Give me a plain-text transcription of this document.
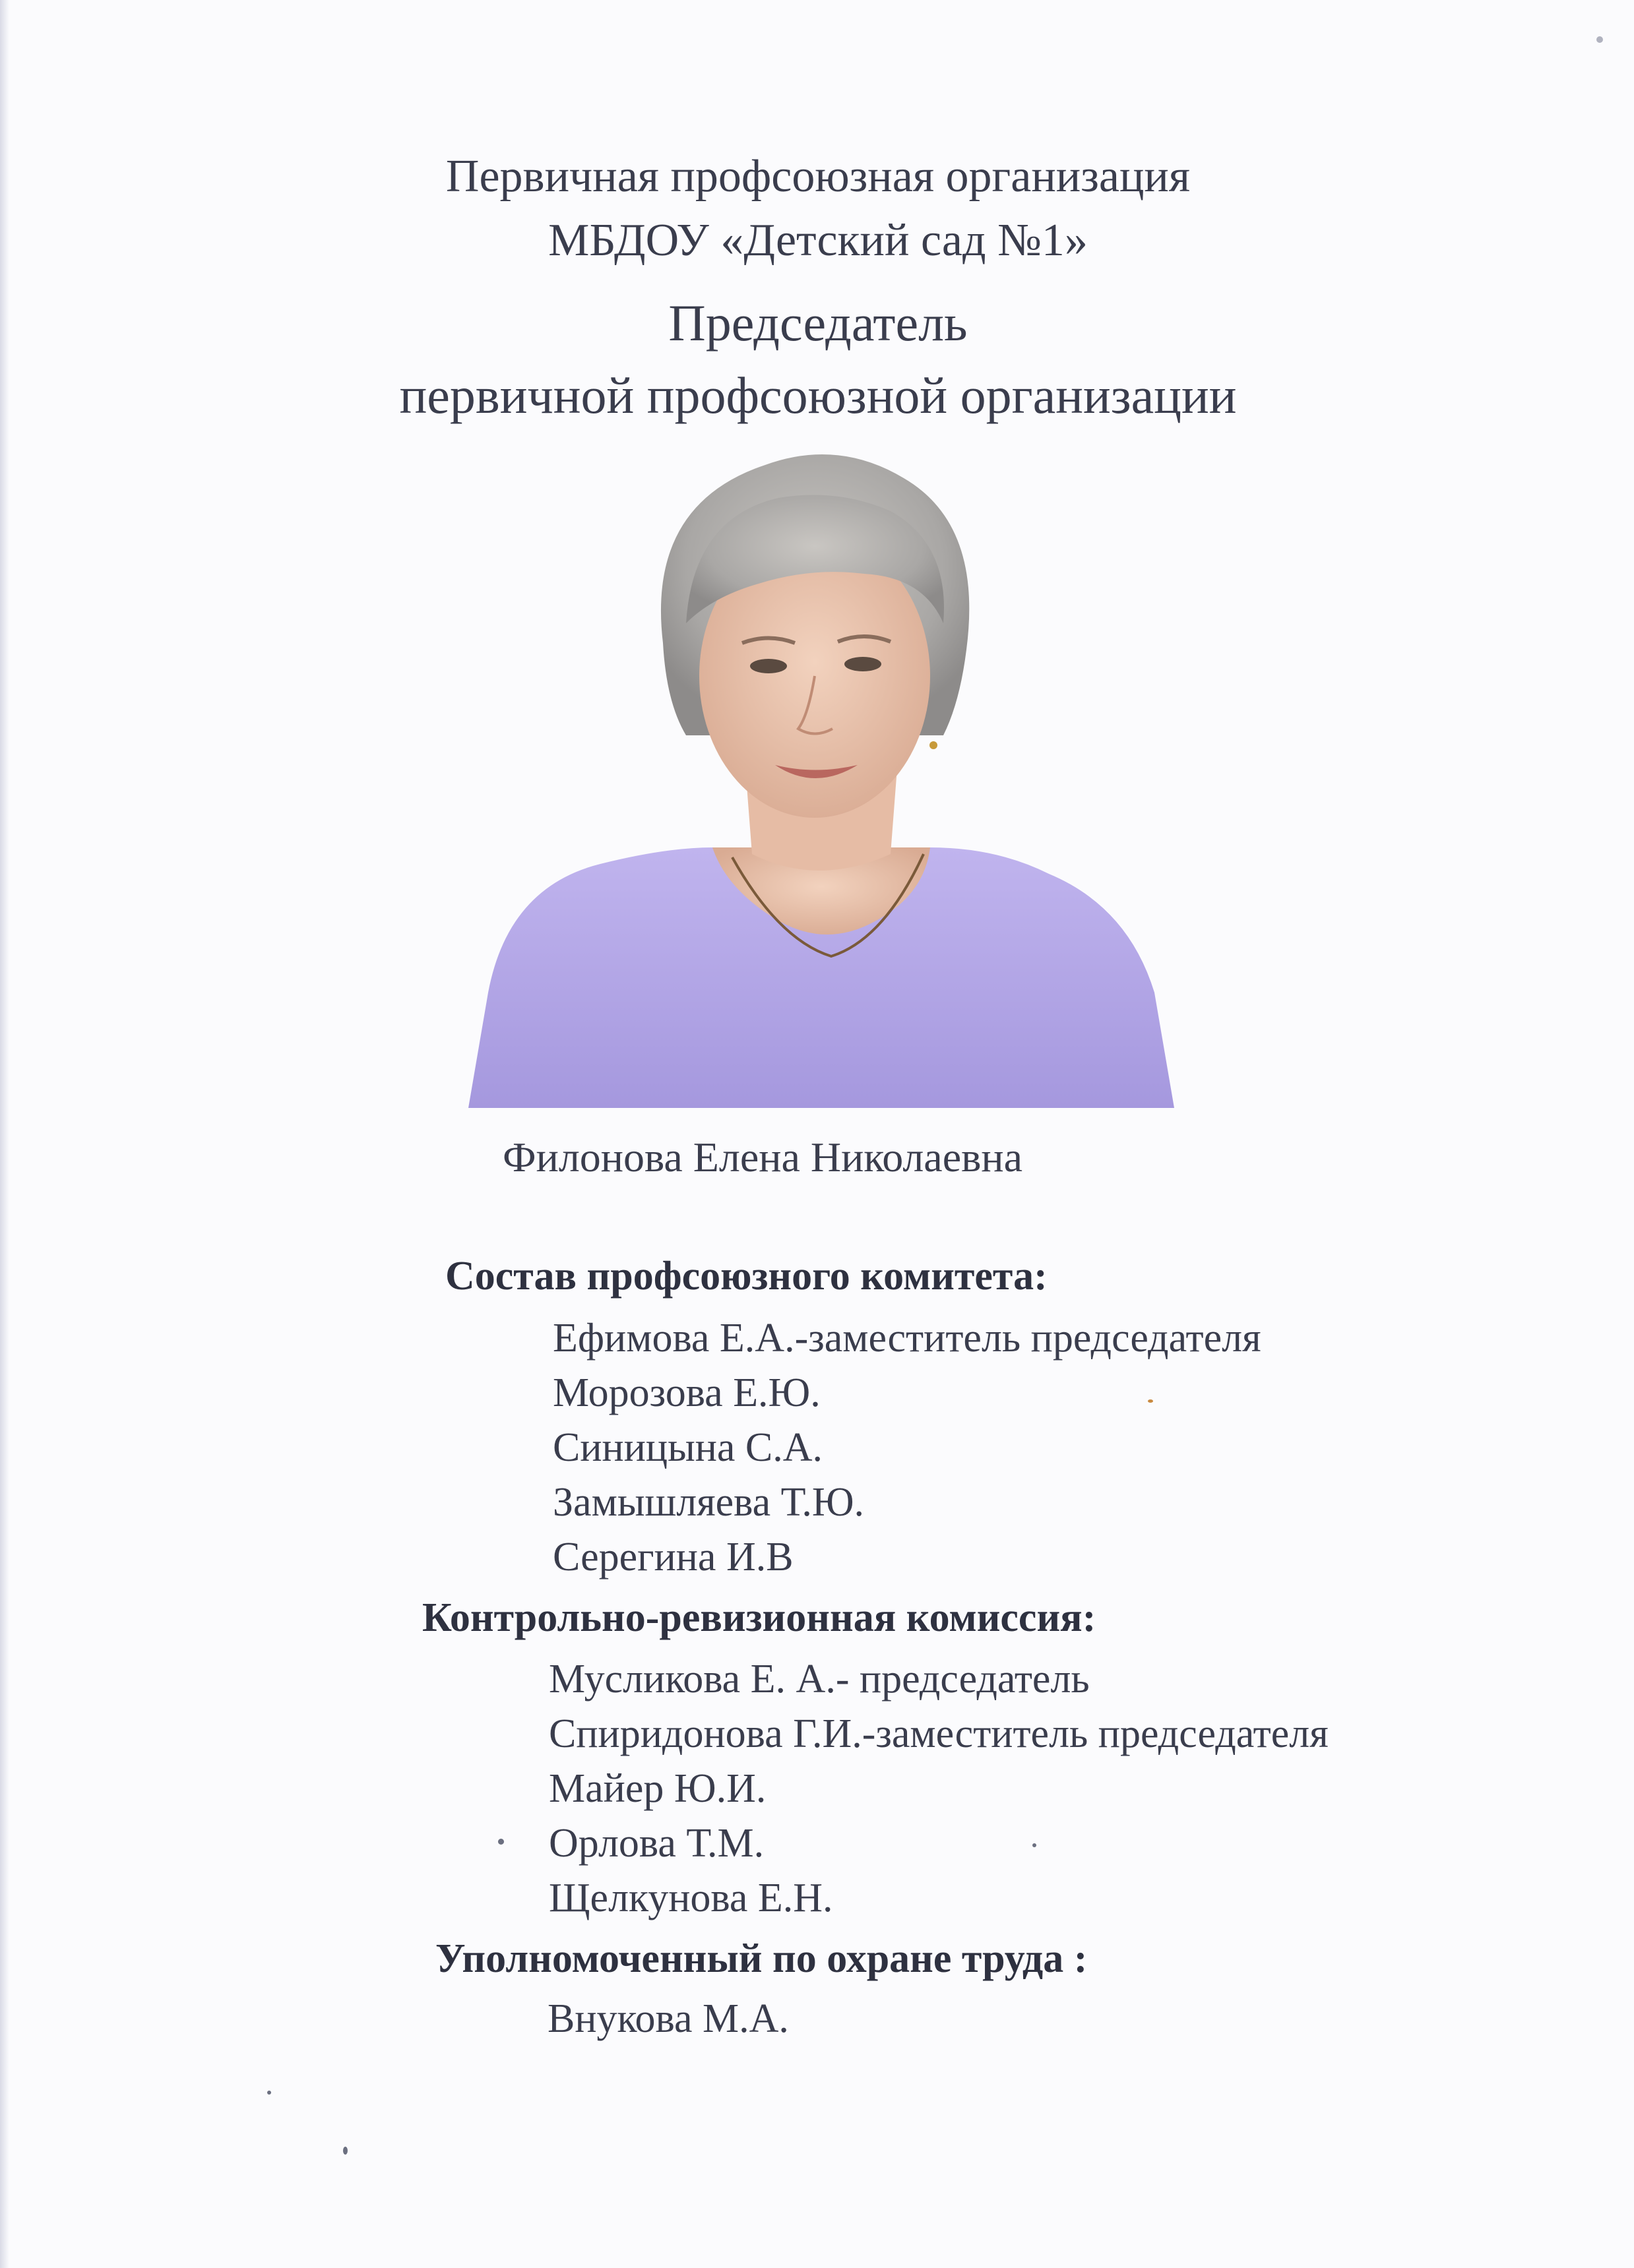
Первичная профсоюзная организация
МБДОУ «Детский сад №1»
Председатель
первичной профсоюзной организации
Филонова Елена Николаевна
Состав профсоюзного комитета:
Ефимова Е.А.-заместитель председателя
Морозова Е.Ю.
Синицына С.А.
Замышляева Т.Ю.
Серегина И.В
Контрольно-ревизионная комиссия:
Мусликова Е. А.- председатель
Спиридонова Г.И.-заместитель председателя
Майер Ю.И.
Орлова Т.М.
Щелкунова Е.Н.
Уполномоченный по охране труда :
Внукова М.А.
